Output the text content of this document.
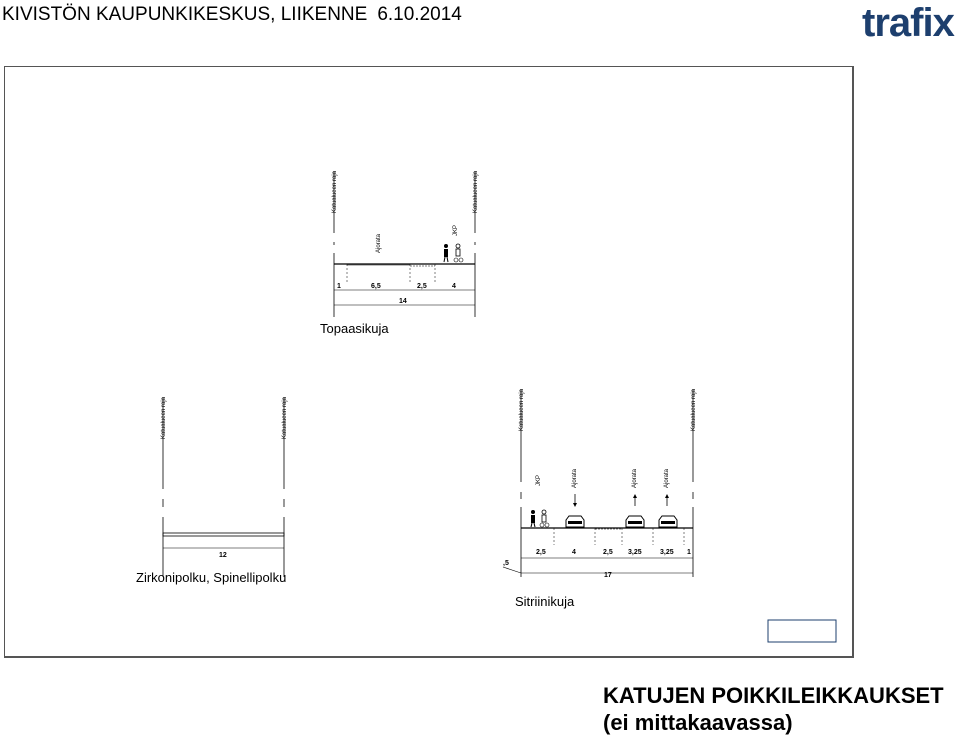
KIVISTÖN KAUPUNKIKESKUS, LIIKENNE 6.10.2014	trafix
Katualueen raja	Katualueen raja
Ajorata
JKP
1	6,5	2,5	4
14
Topaasikuja
Katualueen raja	Katualueen raja
12
Zirkonipolku, Spinellipolku
Katualueen raja	Katualueen raja
JKP	Ajorata	Ajorata	Ajorata
,5
2,5	4	2,5 3,25	3,25 1
17
Sitriinikuja
KATUJEN POIKKILEIKKAUKSET
(ei mittakaavassa)
